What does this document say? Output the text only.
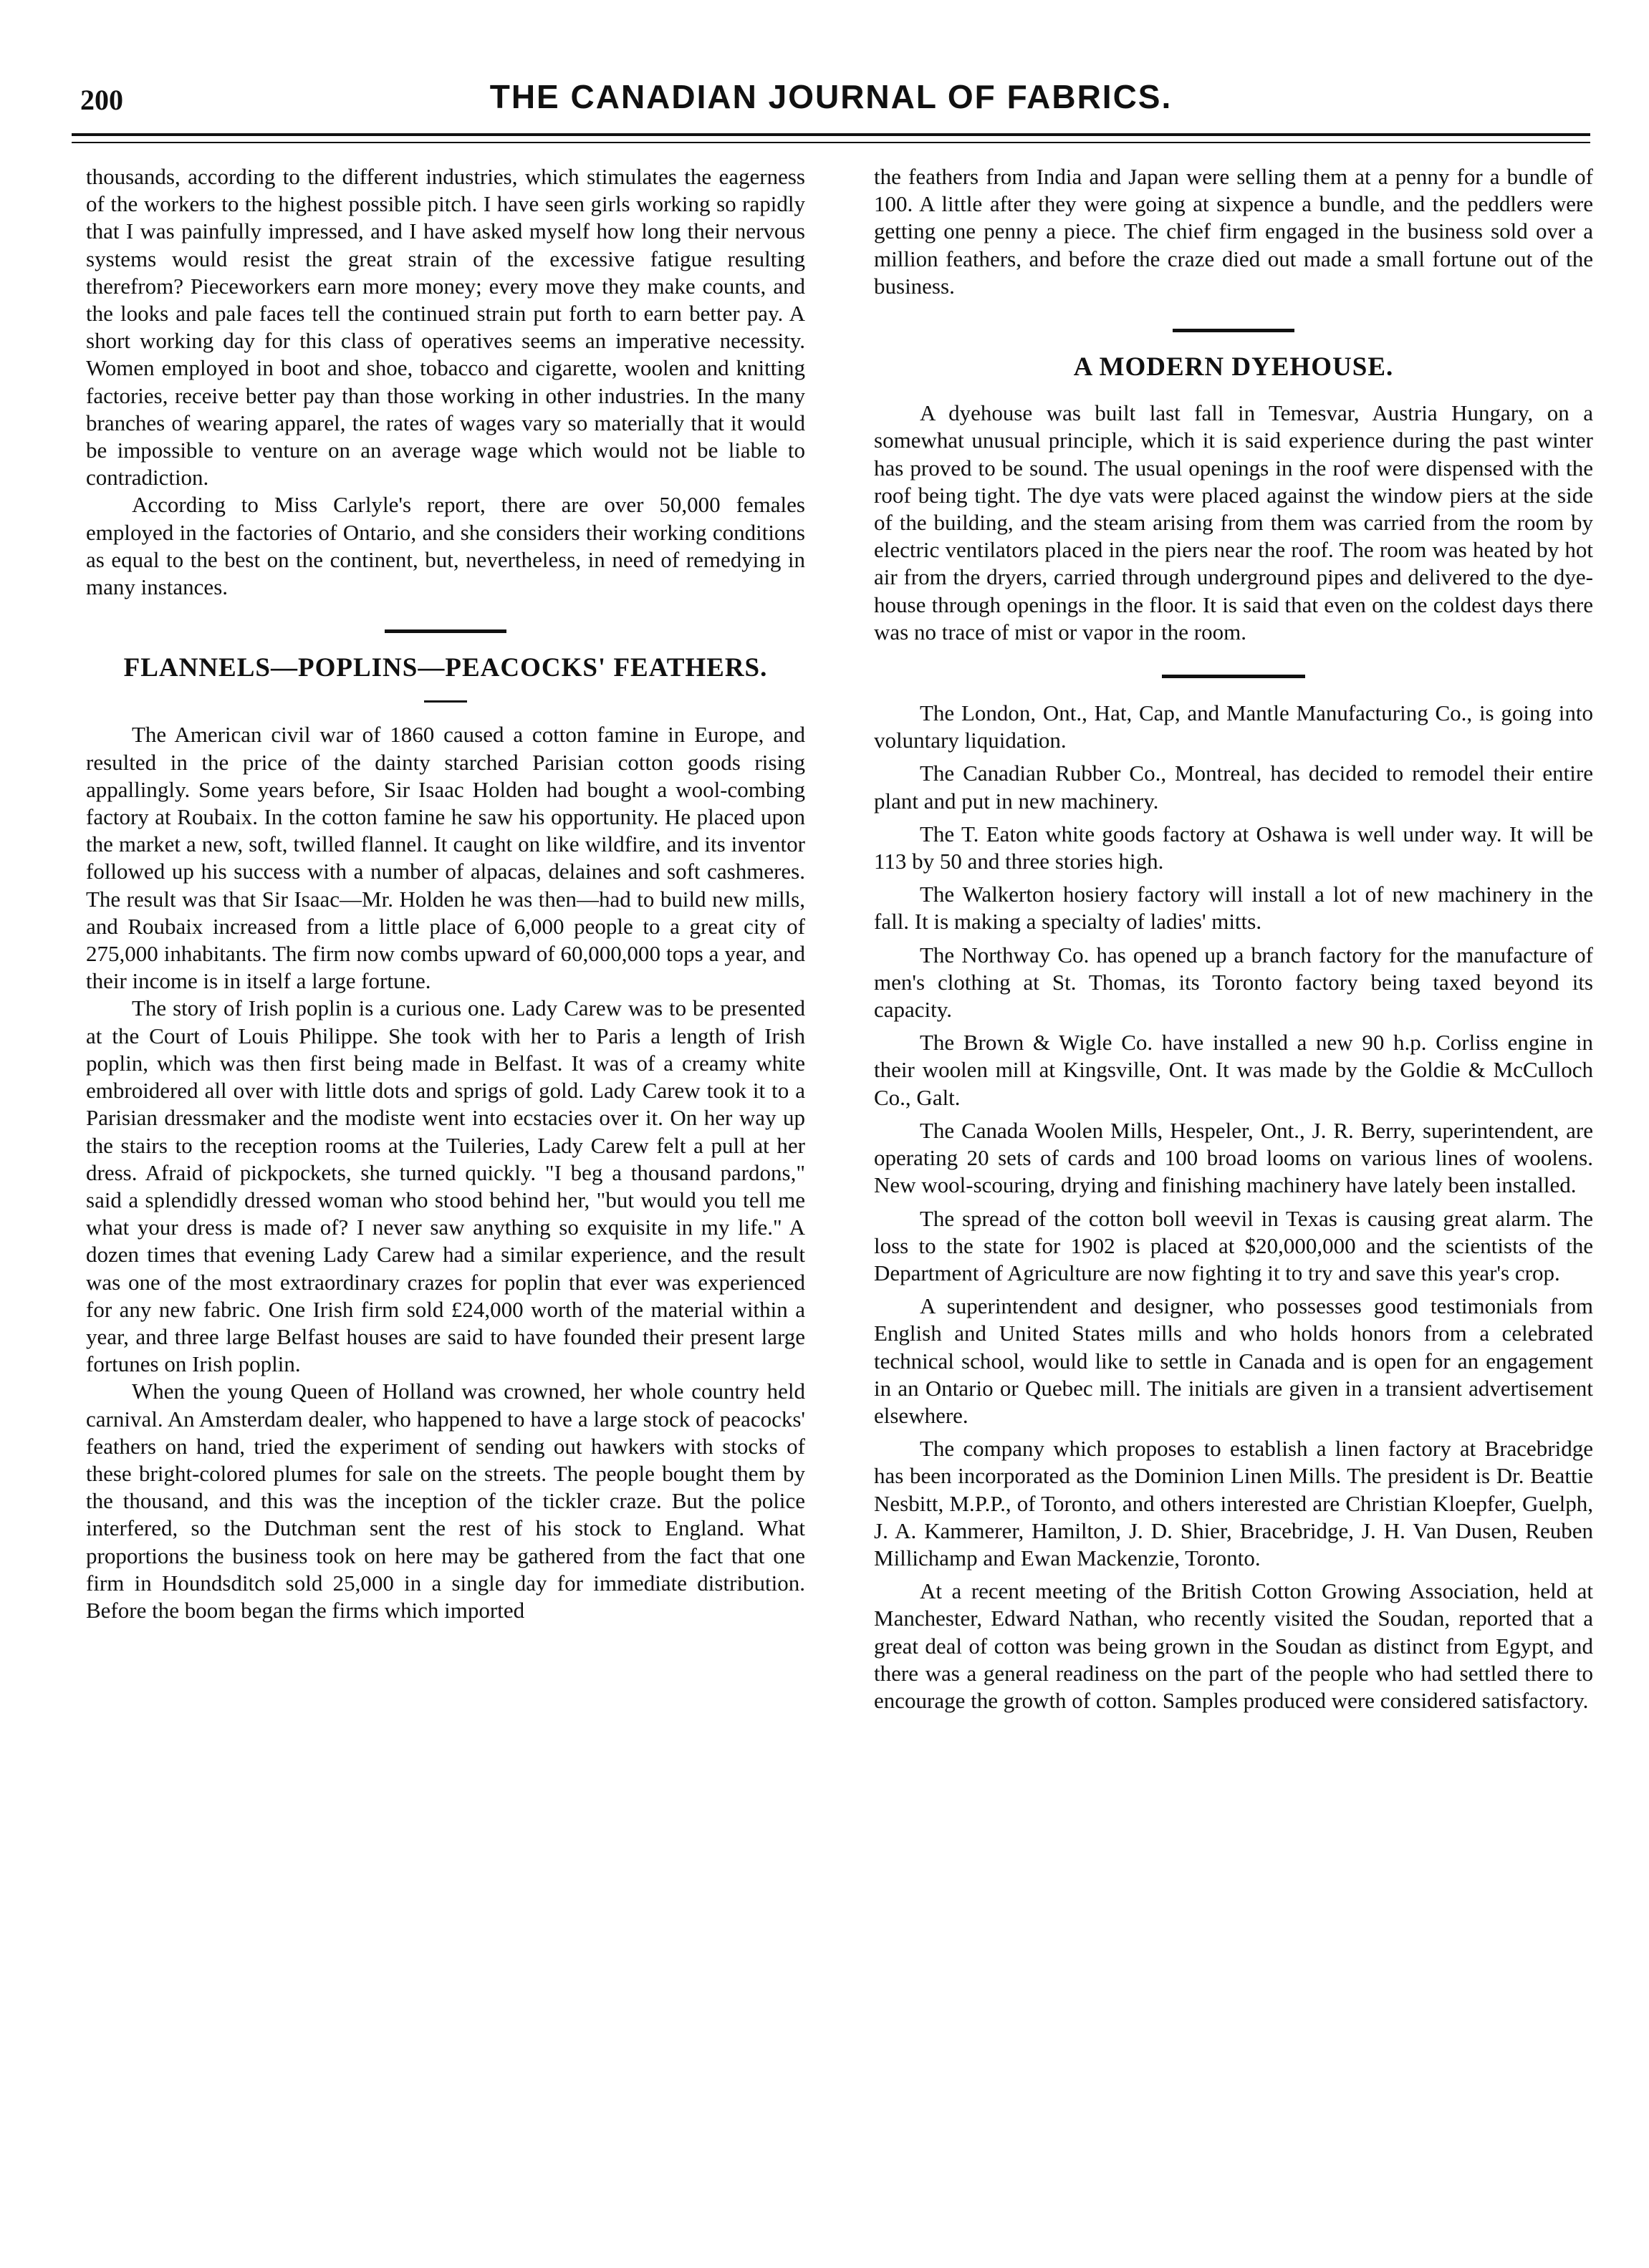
200	THE CANADIAN JOURNAL OF FABRICS.

thousands, according to the different industries, which stimulates the eagerness of the workers to the highest possible pitch. I have seen girls working so rapidly that I was painfully impressed, and I have asked myself how long their nervous systems would resist the great strain of the excessive fatigue resulting therefrom? Pieceworkers earn more money; every move they make counts, and the looks and pale faces tell the continued strain put forth to earn better pay. A short working day for this class of operatives seems an imperative necessity. Women employed in boot and shoe, tobacco and cigarette, woolen and knitting factories, receive better pay than those working in other industries. In the many branches of wearing apparel, the rates of wages vary so materially that it would be impossible to venture on an average wage which would not be liable to contradiction.

According to Miss Carlyle's report, there are over 50,000 females employed in the factories of Ontario, and she considers their working conditions as equal to the best on the continent, but, nevertheless, in need of remedying in many instances.

FLANNELS—POPLINS—PEACOCKS' FEATHERS.

The American civil war of 1860 caused a cotton famine in Europe, and resulted in the price of the dainty starched Parisian cotton goods rising appallingly. Some years before, Sir Isaac Holden had bought a wool-combing factory at Roubaix. In the cotton famine he saw his opportunity. He placed upon the market a new, soft, twilled flannel. It caught on like wildfire, and its inventor followed up his success with a number of alpacas, delaines and soft cashmeres. The result was that Sir Isaac—Mr. Holden he was then—had to build new mills, and Roubaix increased from a little place of 6,000 people to a great city of 275,000 inhabitants. The firm now combs upward of 60,000,000 tops a year, and their income is in itself a large fortune.

The story of Irish poplin is a curious one. Lady Carew was to be presented at the Court of Louis Philippe. She took with her to Paris a length of Irish poplin, which was then first being made in Belfast. It was of a creamy white embroidered all over with little dots and sprigs of gold. Lady Carew took it to a Parisian dressmaker and the modiste went into ecstacies over it. On her way up the stairs to the reception rooms at the Tuileries, Lady Carew felt a pull at her dress. Afraid of pickpockets, she turned quickly. "I beg a thousand pardons," said a splendidly dressed woman who stood behind her, "but would you tell me what your dress is made of? I never saw anything so exquisite in my life." A dozen times that evening Lady Carew had a similar experience, and the result was one of the most extraordinary crazes for poplin that ever was experienced for any new fabric. One Irish firm sold £24,000 worth of the material within a year, and three large Belfast houses are said to have founded their present large fortunes on Irish poplin.

When the young Queen of Holland was crowned, her whole country held carnival. An Amsterdam dealer, who happened to have a large stock of peacocks' feathers on hand, tried the experiment of sending out hawkers with stocks of these bright-colored plumes for sale on the streets. The people bought them by the thousand, and this was the inception of the tickler craze. But the police interfered, so the Dutchman sent the rest of his stock to England. What proportions the business took on here may be gathered from the fact that one firm in Houndsditch sold 25,000 in a single day for immediate distribution. Before the boom began the firms which imported

the feathers from India and Japan were selling them at a penny for a bundle of 100. A little after they were going at sixpence a bundle, and the peddlers were getting one penny a piece. The chief firm engaged in the business sold over a million feathers, and before the craze died out made a small fortune out of the business.

A MODERN DYEHOUSE.

A dyehouse was built last fall in Temesvar, Austria Hungary, on a somewhat unusual principle, which it is said experience during the past winter has proved to be sound. The usual openings in the roof were dispensed with the roof being tight. The dye vats were placed against the window piers at the side of the building, and the steam arising from them was carried from the room by electric ventilators placed in the piers near the roof. The room was heated by hot air from the dryers, carried through underground pipes and delivered to the dye-house through openings in the floor. It is said that even on the coldest days there was no trace of mist or vapor in the room.

The London, Ont., Hat, Cap, and Mantle Manufacturing Co., is going into voluntary liquidation.

The Canadian Rubber Co., Montreal, has decided to remodel their entire plant and put in new machinery.

The T. Eaton white goods factory at Oshawa is well under way. It will be 113 by 50 and three stories high.

The Walkerton hosiery factory will install a lot of new machinery in the fall. It is making a specialty of ladies' mitts.

The Northway Co. has opened up a branch factory for the manufacture of men's clothing at St. Thomas, its Toronto factory being taxed beyond its capacity.

The Brown & Wigle Co. have installed a new 90 h.p. Corliss engine in their woolen mill at Kingsville, Ont. It was made by the Goldie & McCulloch Co., Galt.

The Canada Woolen Mills, Hespeler, Ont., J. R. Berry, superintendent, are operating 20 sets of cards and 100 broad looms on various lines of woolens. New wool-scouring, drying and finishing machinery have lately been installed.

The spread of the cotton boll weevil in Texas is causing great alarm. The loss to the state for 1902 is placed at $20,000,000 and the scientists of the Department of Agriculture are now fighting it to try and save this year's crop.

A superintendent and designer, who possesses good testimonials from English and United States mills and who holds honors from a celebrated technical school, would like to settle in Canada and is open for an engagement in an Ontario or Quebec mill. The initials are given in a transient advertisement elsewhere.

The company which proposes to establish a linen factory at Bracebridge has been incorporated as the Dominion Linen Mills. The president is Dr. Beattie Nesbitt, M.P.P., of Toronto, and others interested are Christian Kloepfer, Guelph, J. A. Kammerer, Hamilton, J. D. Shier, Bracebridge, J. H. Van Dusen, Reuben Millichamp and Ewan Mackenzie, Toronto.

At a recent meeting of the British Cotton Growing Association, held at Manchester, Edward Nathan, who recently visited the Soudan, reported that a great deal of cotton was being grown in the Soudan as distinct from Egypt, and there was a general readiness on the part of the people who had settled there to encourage the growth of cotton. Samples produced were considered satisfactory.
